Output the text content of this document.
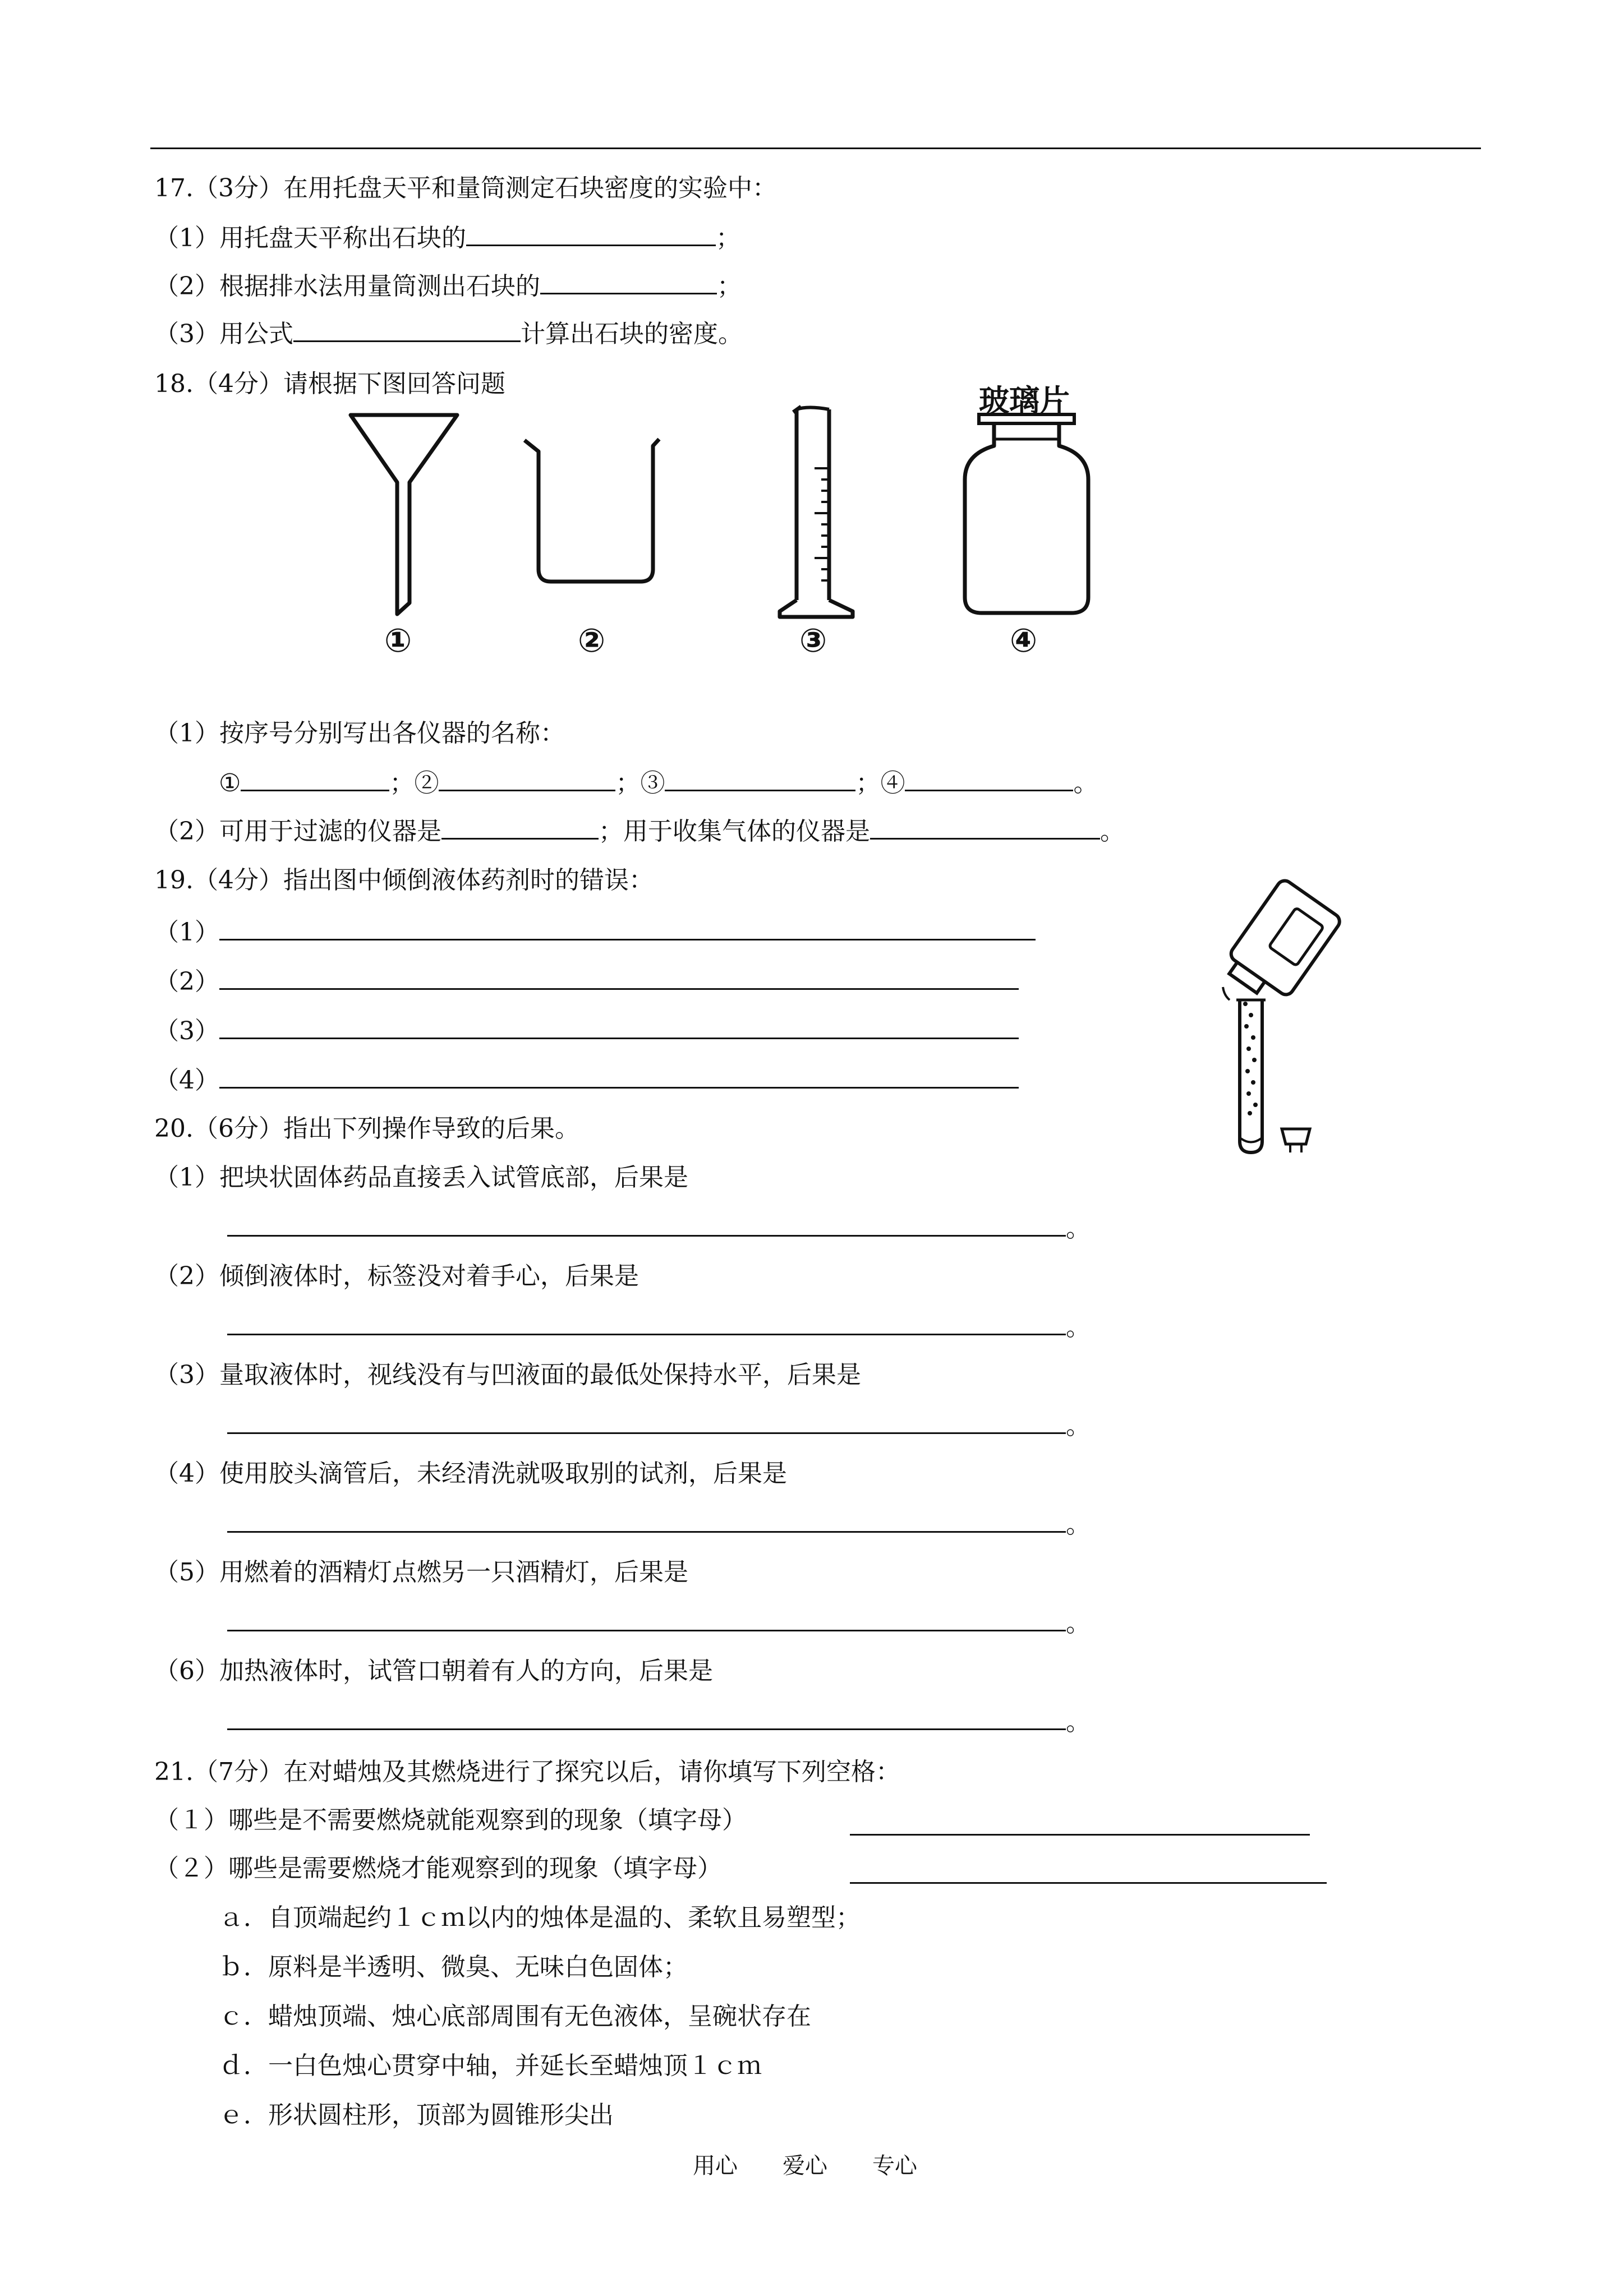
17.（3分）在用托盘天平和量筒测定石块密度的实验中：
（1）用托盘天平称出石块的	；
（2）根据排水法用量筒测出石块的	；
（3）用公式	计算出石块的密度。
18.（4分）请根据下图回答问题	玻璃片
①	②	③	④
（1）按序号分别写出各仪器的名称：
①	；②	；③	；④	。
（2）可用于过滤的仪器是	；用于收集气体的仪器是	。
19.（4分）指出图中倾倒液体药剂时的错误：
（1）
（2）
（3）
（4）
20.（6分）指出下列操作导致的后果。
（1）把块状固体药品直接丢入试管底部，后果是
。
（2）倾倒液体时，标签没对着手心，后果是
。
（3）量取液体时，视线没有与凹液面的最低处保持水平，后果是
。
（4）使用胶头滴管后，未经清洗就吸取别的试剂，后果是
。
（5）用燃着的酒精灯点燃另一只酒精灯，后果是
。
（6）加热液体时，试管口朝着有人的方向，后果是
。
21.（7分）在对蜡烛及其燃烧进行了探究以后，请你填写下列空格：
（１）哪些是不需要燃烧就能观察到的现象（填字母）
（２）哪些是需要燃烧才能观察到的现象（填字母）
ａ．自顶端起约１ｃｍ以内的烛体是温的、柔软且易塑型；
ｂ．原料是半透明、微臭、无味白色固体；
ｃ．蜡烛顶端、烛心底部周围有无色液体，呈碗状存在
ｄ．一白色烛心贯穿中轴，并延长至蜡烛顶１ｃｍ
ｅ．形状圆柱形，顶部为圆锥形尖出
用心 爱心 专心
